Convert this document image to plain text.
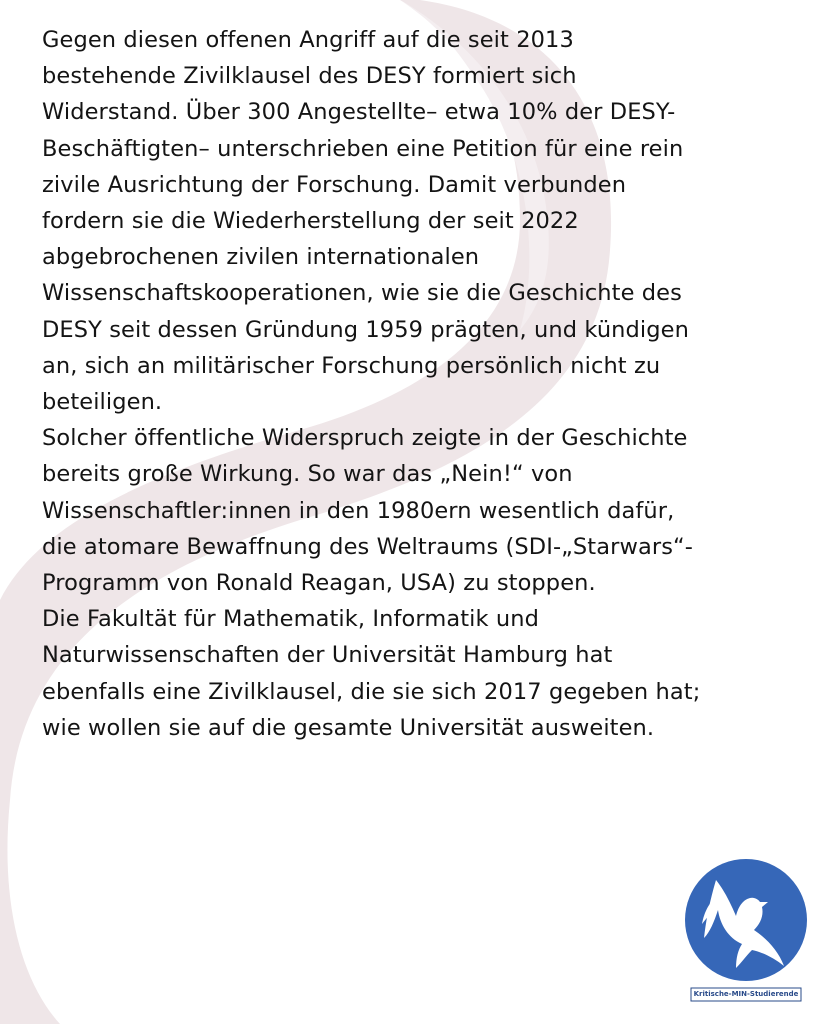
Gegen diesen offenen Angriff auf die seit 2013
bestehende Zivilklausel des DESY formiert sich
Widerstand. Über 300 Angestellte– etwa 10% der DESY-
Beschäftigten– unterschrieben eine Petition für eine rein
zivile Ausrichtung der Forschung. Damit verbunden
fordern sie die Wiederherstellung der seit 2022
abgebrochenen zivilen internationalen
Wissenschaftskooperationen, wie sie die Geschichte des
DESY seit dessen Gründung 1959 prägten, und kündigen
an, sich an militärischer Forschung persönlich nicht zu
beteiligen.
Solcher öffentliche Widerspruch zeigte in der Geschichte
bereits große Wirkung. So war das „Nein!“ von
Wissenschaftler:innen in den 1980ern wesentlich dafür,
die atomare Bewaffnung des Weltraums (SDI-„Starwars“-
Programm von Ronald Reagan, USA) zu stoppen.
Die Fakultät für Mathematik, Informatik und
Naturwissenschaften der Universität Hamburg hat
ebenfalls eine Zivilklausel, die sie sich 2017 gegeben hat;
wie wollen sie auf die gesamte Universität ausweiten.
Kritische-MIN-Studierende
